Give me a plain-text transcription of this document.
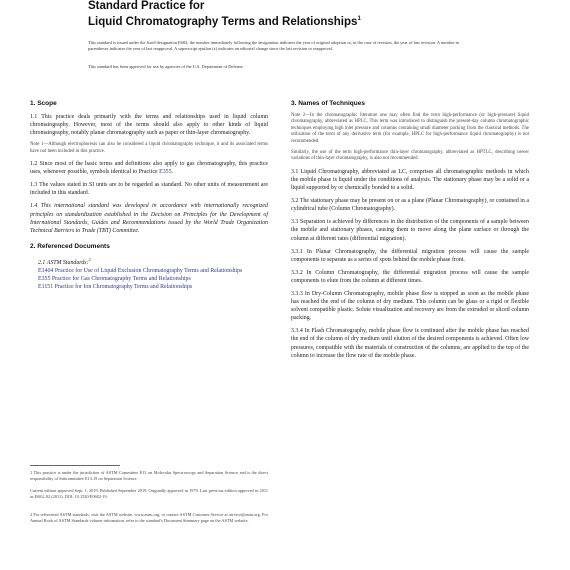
Standard Practice for
Liquid Chromatography Terms and Relationships$^1$
This standard is issued under the fixed designation E682; the number immediately following the designation indicates the year of original adoption or, in the case of revision, the year of last revision. A number in parentheses indicates the year of last reapproval. A superscript epsilon (ε) indicates an editorial change since the last revision or reapproval.
This standard has been approved for use by agencies of the U.S. Department of Defense.
1. Scope

1.1 This practice deals primarily with the terms and relationships used in liquid column chromatography. However, most of the terms should also apply to other kinds of liquid chromatography, notably planar chromatography such as paper or thin-layer chromatography.

Note 1—Although electrophoresis can also be considered a liquid chromatography technique, it and its associated terms have not been included in this practice.

1.2 Since most of the basic terms and definitions also apply to gas chromatography, this practice uses, whenever possible, symbols identical to Practice E355.

1.3 The values stated in SI units are to be regarded as standard. No other units of measurement are included in this standard.

1.4 This international standard was developed in accordance with internationally recognized principles on standardization established in the Decision on Principles for the Development of International Standards, Guides and Recommendations issued by the World Trade Organization Technical Barriers to Trade (TBT) Committee.

2. Referenced Documents
2.1 ASTM Standards:$^2$
E1404 Practice for Use of Liquid Exclusion Chromatography Terms and Relationships
E355 Practice for Gas Chromatography Terms and Relationships
E1151 Practice for Ion Chromatography Terms and Relationships
1 This practice is under the jurisdiction of ASTM Committee E13 on Molecular Spectroscopy and Separation Science and is the direct responsibility of Subcommittee E13.19 on Separation Science.
Current edition approved Sept. 1, 2019. Published September 2019. Originally approved in 1979. Last previous edition approved in 2011 as E682–92 (2011). DOI: 10.1520/E0682-19.
2 For referenced ASTM standards, visit the ASTM website, www.astm.org, or contact ASTM Customer Service at service@astm.org. For Annual Book of ASTM Standards volume information, refer to the standard's Document Summary page on the ASTM website.
3. Names of Techniques

Note 2—In the chromatographic literature one may often find the term high-performance (or high-pressure) liquid chromatography, abbreviated as HPLC. This term was introduced to distinguish the present-day column chromatographic techniques employing high inlet pressure and columns containing small diameter packing from the classical methods. The utilization of the term of any derivative term (for example, HPLC for high-performance liquid chromatography) is not recommended.

Similarly, the use of the term high-performance thin-layer chromatography, abbreviated as HPTLC, describing newer variations of thin-layer chromatography, is also not recommended.

3.1 Liquid Chromatography, abbreviated as LC, comprises all chromatographic methods in which the mobile phase is liquid under the conditions of analysis. The stationary phase may be a solid or a liquid supported by or chemically bonded to a solid.

3.2 The stationary phase may be present on or as a plane (Planar Chromatography), or contained in a cylindrical tube (Column Chromatography).

3.3 Separation is achieved by differences in the distribution of the components of a sample between the mobile and stationary phases, causing them to move along the plane surface or through the column at different rates (differential migration).

3.3.1 In Planar Chromatography, the differential migration process will cause the sample components to separate as a series of spots behind the mobile phase front.

3.3.2 In Column Chromatography, the differential migration process will cause the sample components to elute from the column at different times.

3.3.3 In Dry-Column Chromatography, mobile phase flow is stopped as soon as the mobile phase has reached the end of the column of dry medium. This column can be glass or a rigid or flexible solvent compatible plastic. Solute visualization and recovery are from the extruded or sliced column packing.

3.3.4 In Flash Chromatography, mobile phase flow is continued after the mobile phase has reached the end of the column of dry medium until elution of the desired components is achieved. Often low pressures, compatible with the materials of construction of the columns, are applied to the top of the column to increase the flow rate of the mobile phase.
